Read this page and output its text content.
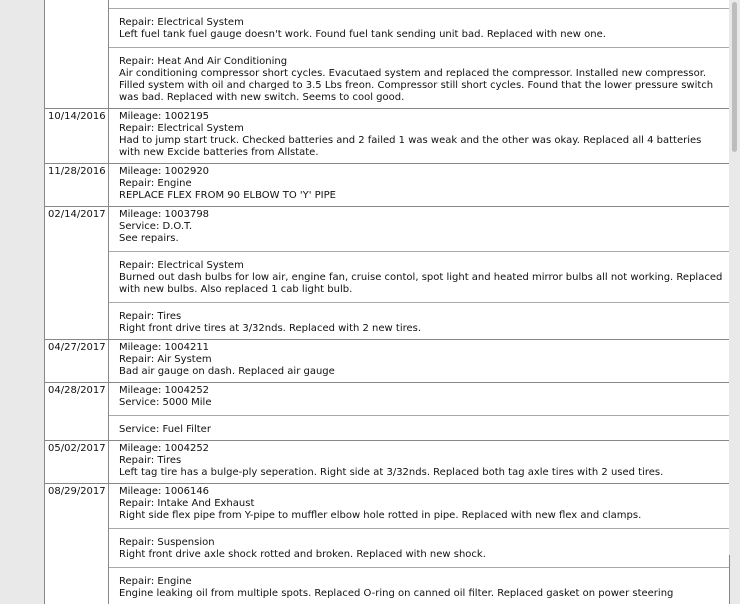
Repair: Electrical System
Left fuel tank fuel gauge doesn't work. Found fuel tank sending unit bad. Replaced with new one.
Repair: Heat And Air Conditioning
Air conditioning compressor short cycles. Evacutaed system and replaced the compressor. Installed new compressor. Filled system with oil and charged to 3.5 Lbs freon. Compressor still short cycles. Found that the lower pressure switch was bad. Replaced with new switch. Seems to cool good.
10/14/2016	Mileage: 1002195
Repair: Electrical System
Had to jump start truck. Checked batteries and 2 failed 1 was weak and the other was okay. Replaced all 4 batteries with new Excide batteries from Allstate.
11/28/2016	Mileage: 1002920
Repair: Engine
REPLACE FLEX FROM 90 ELBOW TO 'Y' PIPE
02/14/2017	Mileage: 1003798
Service: D.O.T.
See repairs.
Repair: Electrical System
Burned out dash bulbs for low air, engine fan, cruise contol, spot light and heated mirror bulbs all not working. Replaced with new bulbs. Also replaced 1 cab light bulb.
Repair: Tires
Right front drive tires at 3/32nds. Replaced with 2 new tires.
04/27/2017	Mileage: 1004211
Repair: Air System
Bad air gauge on dash. Replaced air gauge
04/28/2017	Mileage: 1004252
Service: 5000 Mile
Service: Fuel Filter
05/02/2017	Mileage: 1004252
Repair: Tires
Left tag tire has a bulge-ply seperation. Right side at 3/32nds. Replaced both tag axle tires with 2 used tires.
08/29/2017	Mileage: 1006146
Repair: Intake And Exhaust
Right side flex pipe from Y-pipe to muffler elbow hole rotted in pipe. Replaced with new flex and clamps.
Repair: Suspension
Right front drive axle shock rotted and broken. Replaced with new shock.
Repair: Engine
Engine leaking oil from multiple spots. Replaced O-ring on canned oil filter. Replaced gasket on power steering
